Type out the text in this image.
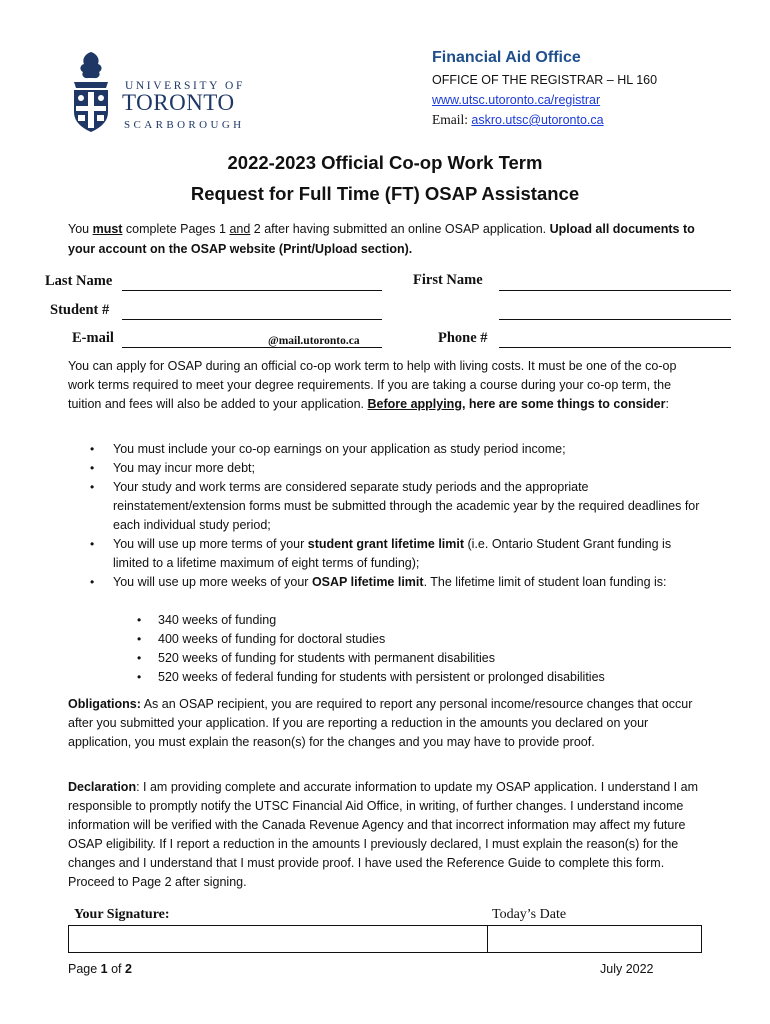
UNIVERSITY OF
TORONTO
SCARBOROUGH
Financial Aid Office
OFFICE OF THE REGISTRAR – HL 160
www.utsc.utoronto.ca/registrar
Email: askro.utsc@utoronto.ca
2022-2023 Official Co-op Work Term
Request for Full Time (FT) OSAP Assistance
You must complete Pages 1 and 2 after having submitted an online OSAP application. Upload all documents to your account on the OSAP website (Print/Upload section).
Last Name	First Name
Student #
E-mail	@mail.utoronto.ca	Phone #
You can apply for OSAP during an official co-op work term to help with living costs. It must be one of the co-op work terms required to meet your degree requirements. If you are taking a course during your co-op term, the tuition and fees will also be added to your application. Before applying, here are some things to consider:
• You must include your co-op earnings on your application as study period income;
• You may incur more debt;
• Your study and work terms are considered separate study periods and the appropriate reinstatement/extension forms must be submitted through the academic year by the required deadlines for each individual study period;
• You will use up more terms of your student grant lifetime limit (i.e. Ontario Student Grant funding is limited to a lifetime maximum of eight terms of funding);
• You will use up more weeks of your OSAP lifetime limit. The lifetime limit of student loan funding is:
• 340 weeks of funding
• 400 weeks of funding for doctoral studies
• 520 weeks of funding for students with permanent disabilities
• 520 weeks of federal funding for students with persistent or prolonged disabilities
Obligations: As an OSAP recipient, you are required to report any personal income/resource changes that occur after you submitted your application. If you are reporting a reduction in the amounts you declared on your application, you must explain the reason(s) for the changes and you may have to provide proof.
Declaration: I am providing complete and accurate information to update my OSAP application. I understand I am responsible to promptly notify the UTSC Financial Aid Office, in writing, of further changes. I understand income information will be verified with the Canada Revenue Agency and that incorrect information may affect my future OSAP eligibility. If I report a reduction in the amounts I previously declared, I must explain the reason(s) for the changes and I understand that I must provide proof. I have used the Reference Guide to complete this form. Proceed to Page 2 after signing.
Your Signature:	Today’s Date
Page 1 of 2	July 2022
